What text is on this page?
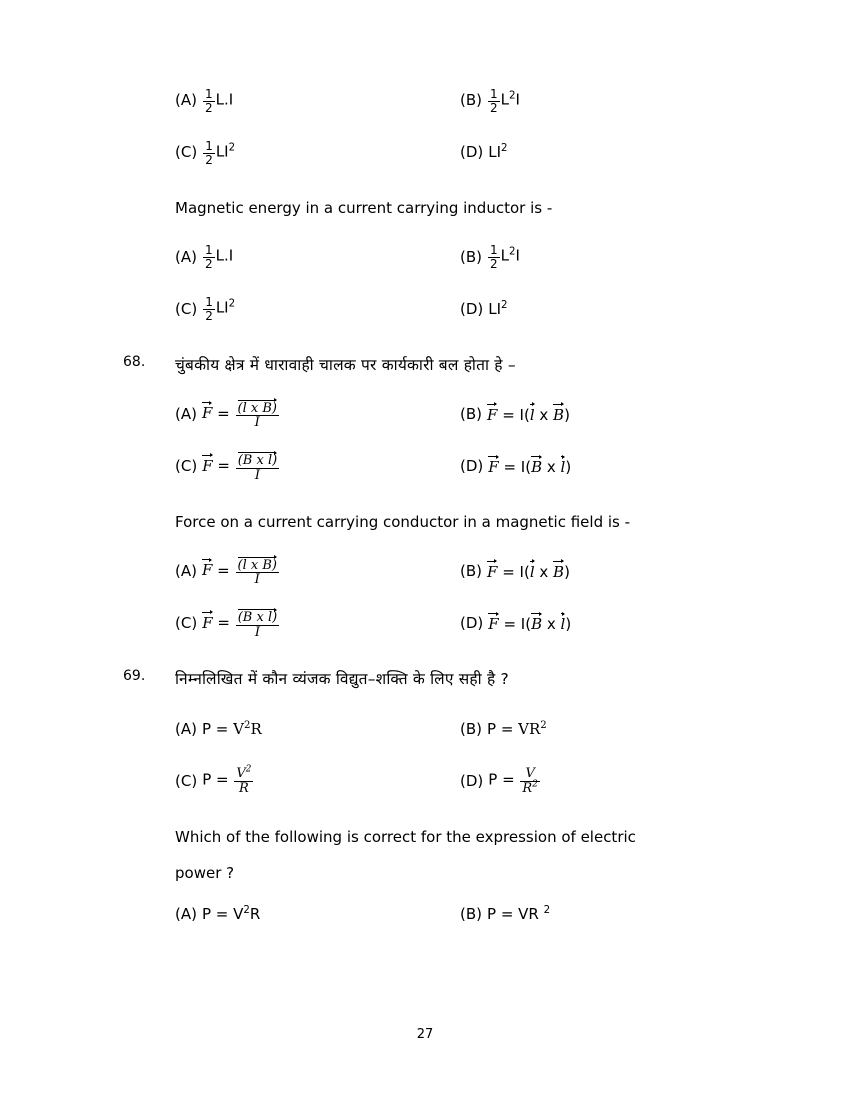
$(A) \frac{1}{2} L.I$	$(B) \frac{1}{2} L^2I$
$(C) \frac{1}{2} LI^2$	(D) $LI^2$
Magnetic energy in a current carrying inductor is -
$(A) \frac{1}{2} L.I$	$(B) \frac{1}{2} L^2I$
$(C) \frac{1}{2} LI^2$	(D) $LI^2$
68. चुंबकीय क्षेत्र में धारावाही चालक पर कार्यकारी बल होता हे –
(A) $F = \frac{\text{(l x B)}}{I}$	(B) F = I(
l x
B)
(C) $F = \frac{\text{(B x l)}}{I}$	(D) F = I(
B x
l)
Force on a current carrying conductor in a magnetic field is -
(A) $F = \frac{\text{(l x B)}}{I}$	(B) F = I(
l x
B)
(C) $F = \frac{\text{(B x l)}}{I}$	(D) F = I(
B x
l)
69. निम्नलिखित में कौन व्यंजक विद्युत–शक्ति के लिए सही है ?
(A) $P = V^2R$	(B) $P = VR^2$
(C) $P = \frac{V^2}{R}$	(D) $P = \frac{V}{R^2}$
Which of the following is correct for the expression of electric
power ?
(A) $P = V^2R$	(B) P = VR $^2$
27
